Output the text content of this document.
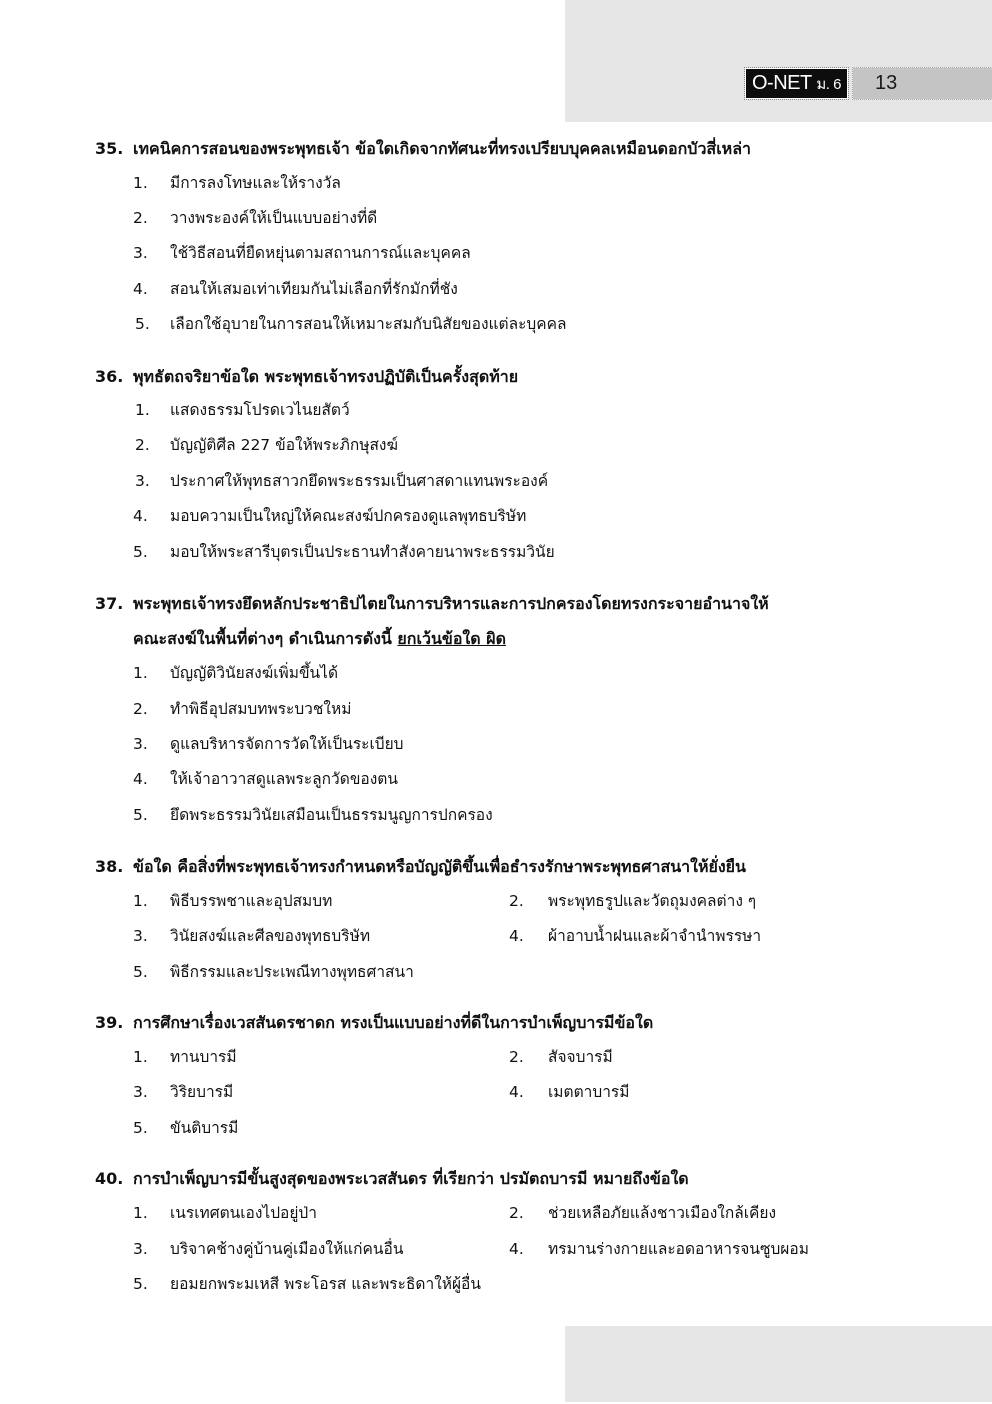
O-NET ม. 6	13
35. เทคนิคการสอนของพระพุทธเจ้า ข้อใดเกิดจากทัศนะที่ทรงเปรียบบุคคลเหมือนดอกบัวสี่เหล่า
1. มีการลงโทษและให้รางวัล
2. วางพระองค์ให้เป็นแบบอย่างที่ดี
3. ใช้วิธีสอนที่ยืดหยุ่นตามสถานการณ์และบุคคล
4. สอนให้เสมอเท่าเทียมกันไม่เลือกที่รักมักที่ชัง
5. เลือกใช้อุบายในการสอนให้เหมาะสมกับนิสัยของแต่ละบุคคล
36. พุทธัตถจริยาข้อใด พระพุทธเจ้าทรงปฏิบัติเป็นครั้งสุดท้าย
1. แสดงธรรมโปรดเวไนยสัตว์
2. บัญญัติศีล 227 ข้อให้พระภิกษุสงฆ์
3. ประกาศให้พุทธสาวกยึดพระธรรมเป็นศาสดาแทนพระองค์
4. มอบความเป็นใหญ่ให้คณะสงฆ์ปกครองดูแลพุทธบริษัท
5. มอบให้พระสารีบุตรเป็นประธานทำสังคายนาพระธรรมวินัย
37. พระพุทธเจ้าทรงยึดหลักประชาธิปไตยในการบริหารและการปกครองโดยทรงกระจายอำนาจให้
คณะสงฆ์ในพื้นที่ต่างๆ ดำเนินการดังนี้ ยกเว้นข้อใด ผิด
1. บัญญัติวินัยสงฆ์เพิ่มขึ้นได้
2. ทำพิธีอุปสมบทพระบวชใหม่
3. ดูแลบริหารจัดการวัดให้เป็นระเบียบ
4. ให้เจ้าอาวาสดูแลพระลูกวัดของตน
5. ยึดพระธรรมวินัยเสมือนเป็นธรรมนูญการปกครอง
38. ข้อใด คือสิ่งที่พระพุทธเจ้าทรงกำหนดหรือบัญญัติขึ้นเพื่อธำรงรักษาพระพุทธศาสนาให้ยั่งยืน
1. พิธีบรรพชาและอุปสมบท	2. พระพุทธรูปและวัตถุมงคลต่าง ๆ
3. วินัยสงฆ์และศีลของพุทธบริษัท	4. ผ้าอาบน้ำฝนและผ้าจำนำพรรษา
5. พิธีกรรมและประเพณีทางพุทธศาสนา
39. การศึกษาเรื่องเวสสันดรชาดก ทรงเป็นแบบอย่างที่ดีในการบำเพ็ญบารมีข้อใด
1. ทานบารมี	2. สัจจบารมี
3. วิริยบารมี	4. เมตตาบารมี
5. ขันติบารมี
40. การบำเพ็ญบารมีขั้นสูงสุดของพระเวสสันดร ที่เรียกว่า ปรมัตถบารมี หมายถึงข้อใด
1. เนรเทศตนเองไปอยู่ป่า	2. ช่วยเหลือภัยแล้งชาวเมืองใกล้เคียง
3. บริจาคช้างคู่บ้านคู่เมืองให้แก่คนอื่น	4. ทรมานร่างกายและอดอาหารจนซูบผอม
5. ยอมยกพระมเหสี พระโอรส และพระธิดาให้ผู้อื่น
